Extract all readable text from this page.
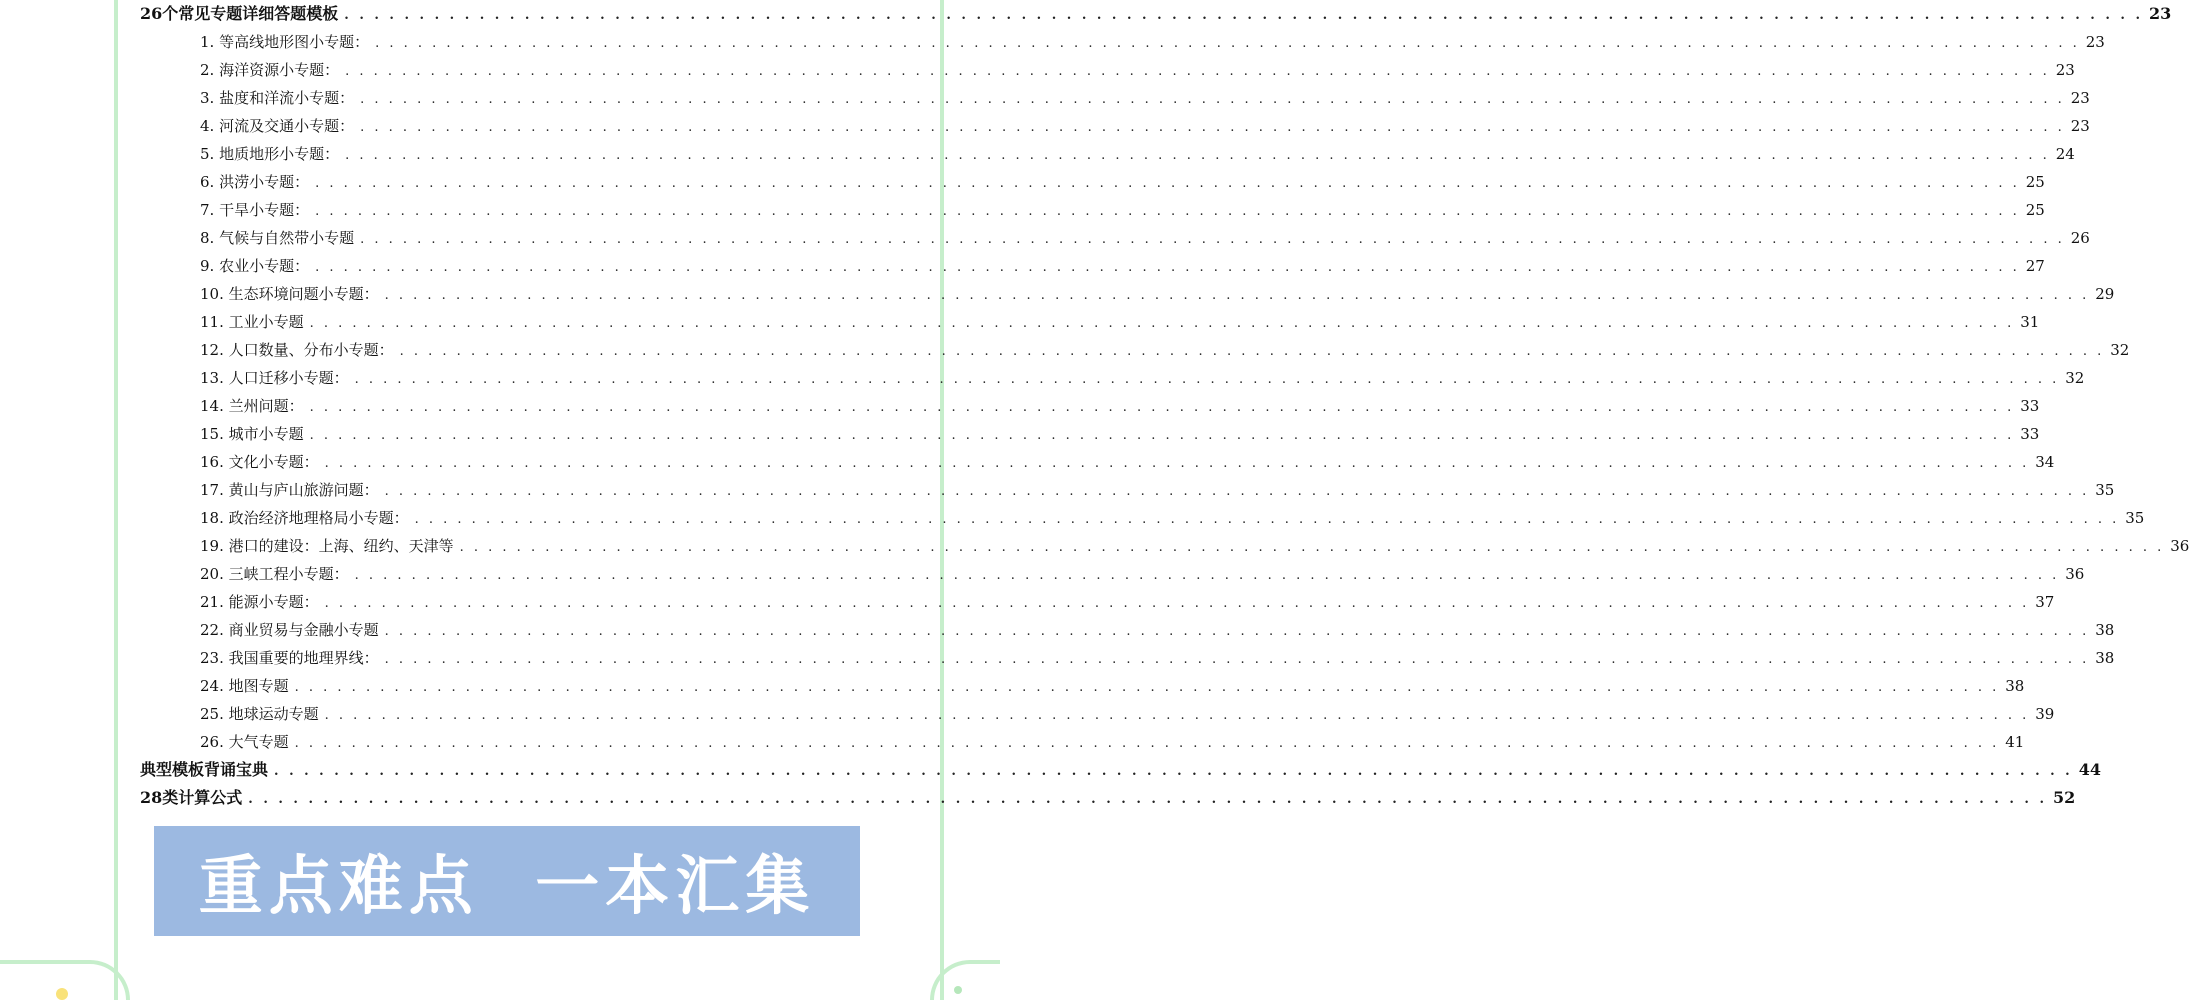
26个常见专题详细答题模板 . . . . . . . . . . . . . . . . . . . . . . . . . . . . . . . . . . . . . . . . . . . . . . . . . . . . . . . . . . . . . . . . . . . . . . . . . . . . . . . . . . . . . . . . . . . . . . . . . . . . . . . . . . . . . . . . . . . . . . . . 23
1. 等高线地形图小专题： . . . . . . . . . . . . . . . . . . . . . . . . . . . . . . . . . . . . . . . . . . . . . . . . . . . . . . . . . . . . . . . . . . . . . . . . . . . . . . . . . . . . . . . . . . . . . . . . . . . . . . . . . . . . . . . . . . . . . . . . 23
2. 海洋资源小专题： . . . . . . . . . . . . . . . . . . . . . . . . . . . . . . . . . . . . . . . . . . . . . . . . . . . . . . . . . . . . . . . . . . . . . . . . . . . . . . . . . . . . . . . . . . . . . . . . . . . . . . . . . . . . . . . . . . . . . . . . 23
3. 盐度和洋流小专题： . . . . . . . . . . . . . . . . . . . . . . . . . . . . . . . . . . . . . . . . . . . . . . . . . . . . . . . . . . . . . . . . . . . . . . . . . . . . . . . . . . . . . . . . . . . . . . . . . . . . . . . . . . . . . . . . . . . . . . . . 23
4. 河流及交通小专题： . . . . . . . . . . . . . . . . . . . . . . . . . . . . . . . . . . . . . . . . . . . . . . . . . . . . . . . . . . . . . . . . . . . . . . . . . . . . . . . . . . . . . . . . . . . . . . . . . . . . . . . . . . . . . . . . . . . . . . . . 23
5. 地质地形小专题： . . . . . . . . . . . . . . . . . . . . . . . . . . . . . . . . . . . . . . . . . . . . . . . . . . . . . . . . . . . . . . . . . . . . . . . . . . . . . . . . . . . . . . . . . . . . . . . . . . . . . . . . . . . . . . . . . . . . . . . . 24
6. 洪涝小专题： . . . . . . . . . . . . . . . . . . . . . . . . . . . . . . . . . . . . . . . . . . . . . . . . . . . . . . . . . . . . . . . . . . . . . . . . . . . . . . . . . . . . . . . . . . . . . . . . . . . . . . . . . . . . . . . . . . . . . . . . 25
7. 干旱小专题： . . . . . . . . . . . . . . . . . . . . . . . . . . . . . . . . . . . . . . . . . . . . . . . . . . . . . . . . . . . . . . . . . . . . . . . . . . . . . . . . . . . . . . . . . . . . . . . . . . . . . . . . . . . . . . . . . . . . . . . . 25
8. 气候与自然带小专题 . . . . . . . . . . . . . . . . . . . . . . . . . . . . . . . . . . . . . . . . . . . . . . . . . . . . . . . . . . . . . . . . . . . . . . . . . . . . . . . . . . . . . . . . . . . . . . . . . . . . . . . . . . . . . . . . . . . . . . . . 26
9. 农业小专题： . . . . . . . . . . . . . . . . . . . . . . . . . . . . . . . . . . . . . . . . . . . . . . . . . . . . . . . . . . . . . . . . . . . . . . . . . . . . . . . . . . . . . . . . . . . . . . . . . . . . . . . . . . . . . . . . . . . . . . . . 27
10. 生态环境问题小专题： . . . . . . . . . . . . . . . . . . . . . . . . . . . . . . . . . . . . . . . . . . . . . . . . . . . . . . . . . . . . . . . . . . . . . . . . . . . . . . . . . . . . . . . . . . . . . . . . . . . . . . . . . . . . . . . . . . . . . . . . 29
11. 工业小专题 . . . . . . . . . . . . . . . . . . . . . . . . . . . . . . . . . . . . . . . . . . . . . . . . . . . . . . . . . . . . . . . . . . . . . . . . . . . . . . . . . . . . . . . . . . . . . . . . . . . . . . . . . . . . . . . . . . . . . . . . 31
12. 人口数量、分布小专题： . . . . . . . . . . . . . . . . . . . . . . . . . . . . . . . . . . . . . . . . . . . . . . . . . . . . . . . . . . . . . . . . . . . . . . . . . . . . . . . . . . . . . . . . . . . . . . . . . . . . . . . . . . . . . . . . . . . . . . . . 32
13. 人口迁移小专题： . . . . . . . . . . . . . . . . . . . . . . . . . . . . . . . . . . . . . . . . . . . . . . . . . . . . . . . . . . . . . . . . . . . . . . . . . . . . . . . . . . . . . . . . . . . . . . . . . . . . . . . . . . . . . . . . . . . . . . . . 32
14. 兰州问题： . . . . . . . . . . . . . . . . . . . . . . . . . . . . . . . . . . . . . . . . . . . . . . . . . . . . . . . . . . . . . . . . . . . . . . . . . . . . . . . . . . . . . . . . . . . . . . . . . . . . . . . . . . . . . . . . . . . . . . . . 33
15. 城市小专题 . . . . . . . . . . . . . . . . . . . . . . . . . . . . . . . . . . . . . . . . . . . . . . . . . . . . . . . . . . . . . . . . . . . . . . . . . . . . . . . . . . . . . . . . . . . . . . . . . . . . . . . . . . . . . . . . . . . . . . . . 33
16. 文化小专题： . . . . . . . . . . . . . . . . . . . . . . . . . . . . . . . . . . . . . . . . . . . . . . . . . . . . . . . . . . . . . . . . . . . . . . . . . . . . . . . . . . . . . . . . . . . . . . . . . . . . . . . . . . . . . . . . . . . . . . . . 34
17. 黄山与庐山旅游问题： . . . . . . . . . . . . . . . . . . . . . . . . . . . . . . . . . . . . . . . . . . . . . . . . . . . . . . . . . . . . . . . . . . . . . . . . . . . . . . . . . . . . . . . . . . . . . . . . . . . . . . . . . . . . . . . . . . . . . . . . 35
18. 政治经济地理格局小专题： . . . . . . . . . . . . . . . . . . . . . . . . . . . . . . . . . . . . . . . . . . . . . . . . . . . . . . . . . . . . . . . . . . . . . . . . . . . . . . . . . . . . . . . . . . . . . . . . . . . . . . . . . . . . . . . . . . . . . . . . 35
19. 港口的建设：上海、纽约、天津等 . . . . . . . . . . . . . . . . . . . . . . . . . . . . . . . . . . . . . . . . . . . . . . . . . . . . . . . . . . . . . . . . . . . . . . . . . . . . . . . . . . . . . . . . . . . . . . . . . . . . . . . . . . . . . . . . . . . . . . . . 36
20. 三峡工程小专题： . . . . . . . . . . . . . . . . . . . . . . . . . . . . . . . . . . . . . . . . . . . . . . . . . . . . . . . . . . . . . . . . . . . . . . . . . . . . . . . . . . . . . . . . . . . . . . . . . . . . . . . . . . . . . . . . . . . . . . . . 36
21. 能源小专题： . . . . . . . . . . . . . . . . . . . . . . . . . . . . . . . . . . . . . . . . . . . . . . . . . . . . . . . . . . . . . . . . . . . . . . . . . . . . . . . . . . . . . . . . . . . . . . . . . . . . . . . . . . . . . . . . . . . . . . . . 37
22. 商业贸易与金融小专题 . . . . . . . . . . . . . . . . . . . . . . . . . . . . . . . . . . . . . . . . . . . . . . . . . . . . . . . . . . . . . . . . . . . . . . . . . . . . . . . . . . . . . . . . . . . . . . . . . . . . . . . . . . . . . . . . . . . . . . . . 38
23. 我国重要的地理界线： . . . . . . . . . . . . . . . . . . . . . . . . . . . . . . . . . . . . . . . . . . . . . . . . . . . . . . . . . . . . . . . . . . . . . . . . . . . . . . . . . . . . . . . . . . . . . . . . . . . . . . . . . . . . . . . . . . . . . . . . 38
24. 地图专题 . . . . . . . . . . . . . . . . . . . . . . . . . . . . . . . . . . . . . . . . . . . . . . . . . . . . . . . . . . . . . . . . . . . . . . . . . . . . . . . . . . . . . . . . . . . . . . . . . . . . . . . . . . . . . . . . . . . . . . . . 38
25. 地球运动专题 . . . . . . . . . . . . . . . . . . . . . . . . . . . . . . . . . . . . . . . . . . . . . . . . . . . . . . . . . . . . . . . . . . . . . . . . . . . . . . . . . . . . . . . . . . . . . . . . . . . . . . . . . . . . . . . . . . . . . . . . 39
26. 大气专题 . . . . . . . . . . . . . . . . . . . . . . . . . . . . . . . . . . . . . . . . . . . . . . . . . . . . . . . . . . . . . . . . . . . . . . . . . . . . . . . . . . . . . . . . . . . . . . . . . . . . . . . . . . . . . . . . . . . . . . . . 41
典型模板背诵宝典 . . . . . . . . . . . . . . . . . . . . . . . . . . . . . . . . . . . . . . . . . . . . . . . . . . . . . . . . . . . . . . . . . . . . . . . . . . . . . . . . . . . . . . . . . . . . . . . . . . . . . . . . . . . . . . . . . . . . . . . . 44
28类计算公式 . . . . . . . . . . . . . . . . . . . . . . . . . . . . . . . . . . . . . . . . . . . . . . . . . . . . . . . . . . . . . . . . . . . . . . . . . . . . . . . . . . . . . . . . . . . . . . . . . . . . . . . . . . . . . . . . . . . . . . . . 52
重点难点  一本汇集
